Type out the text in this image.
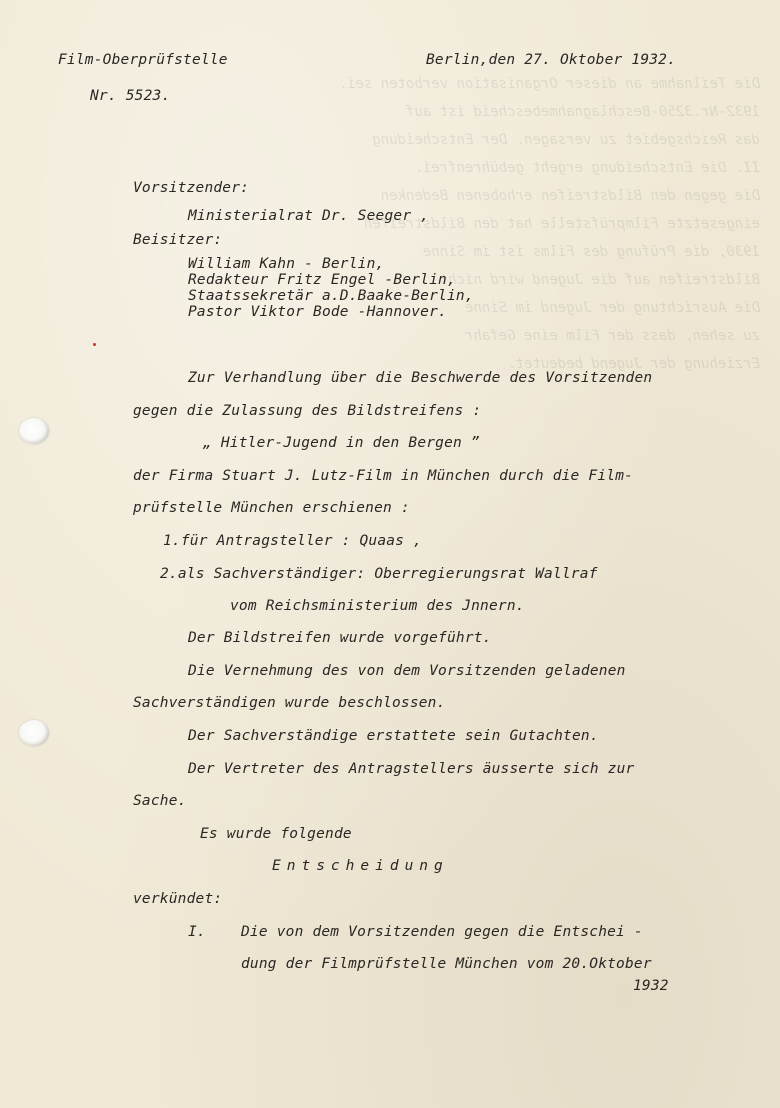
Die Teilnahme an dieser Organisation verboten sei.
1932-Nr.3250-Beschlagnahmebescheid ist auf
das Reichsgebiet zu versagen. Der Entscheidung
II. Die Entscheidung ergeht gebührenfrei.
Die gegen den Bildstreifen erhobenen Bedenken
eingesetzte Filmprüfstelle hat den Bildstreifen
1930, die Prüfung des Films ist im Sinne
Bildstreifen auf die Jugend wird nicht
Die Ausrichtung der Jugend im Sinne
zu sehen, dass der Film eine Gefahr
Erziehung der Jugend bedeutet.
Film-Oberprüfstelle	Berlin,den 27. Oktober 1932.
Nr. 5523.
Vorsitzender:
Ministerialrat Dr. Seeger ,
Beisitzer:
William Kahn - Berlin,
Redakteur Fritz Engel -Berlin,
Staatssekretär a.D.Baake-Berlin,
Pastor Viktor Bode -Hannover.
Zur Verhandlung über die Beschwerde des Vorsitzenden
gegen die Zulassung des Bildstreifens :
„ Hitler-Jugend in den Bergen ”
der Firma Stuart J. Lutz-Film in München durch die Film-
prüfstelle München erschienen :
1.für Antragsteller : Quaas ,
2.als Sachverständiger: Oberregierungsrat Wallraf
vom Reichsministerium des Jnnern.
Der Bildstreifen wurde vorgeführt.
Die Vernehmung des von dem Vorsitzenden geladenen
Sachverständigen wurde beschlossen.
Der Sachverständige erstattete sein Gutachten.
Der Vertreter des Antragstellers äusserte sich zur
Sache.
Es wurde folgende
Entscheidung
verkündet:
I. Die von dem Vorsitzenden gegen die Entschei -
dung der Filmprüfstelle München vom 20.Oktober
1932
